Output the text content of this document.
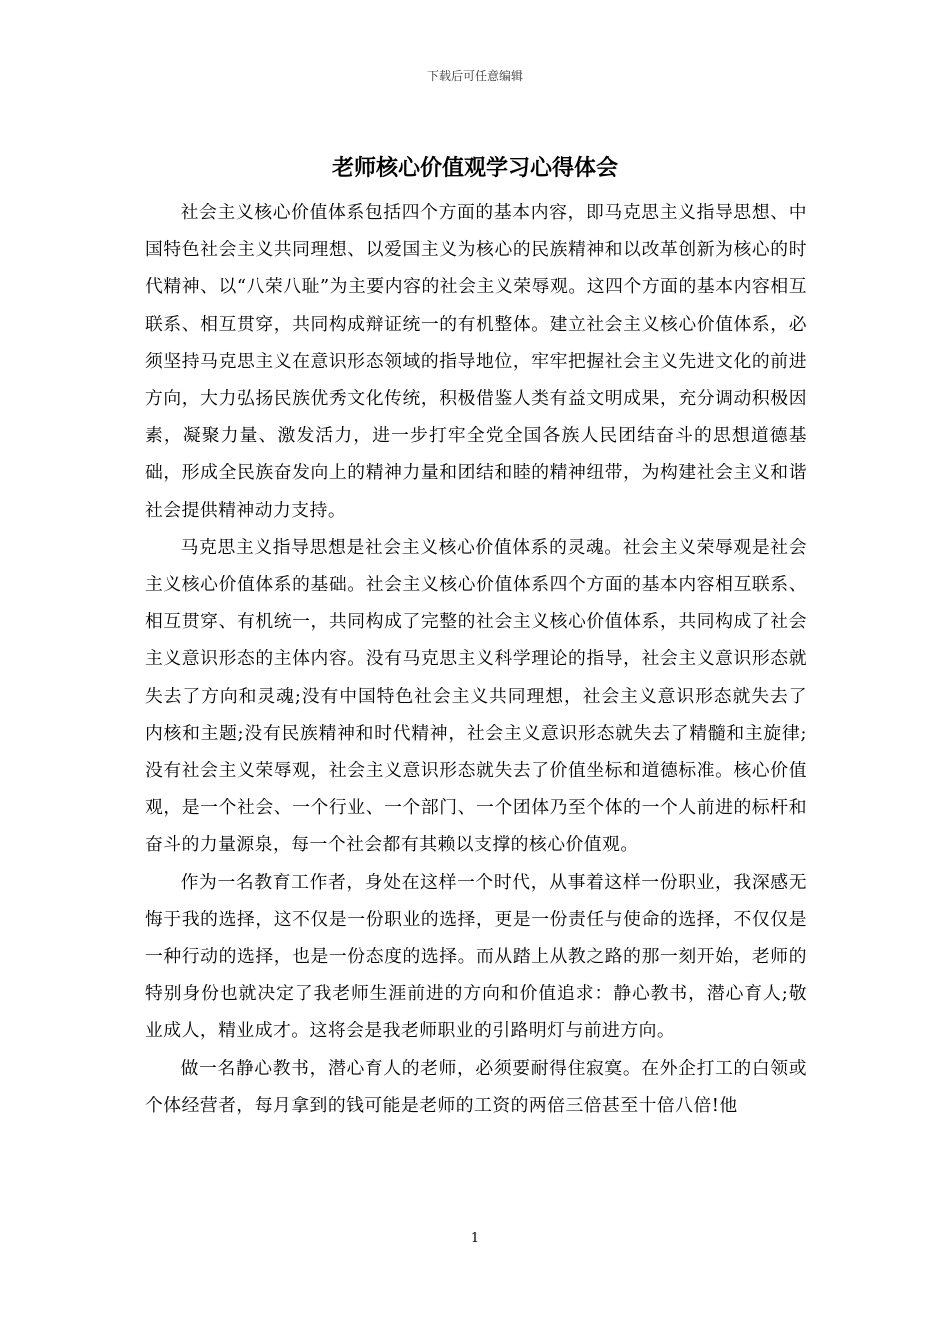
下载后可任意编辑
老师核心价值观学习心得体会

社会主义核心价值体系包括四个方面的基本内容，即马克思主义指导思想、中国特色社会主义共同理想、以爱国主义为核心的民族精神和以改革创新为核心的时代精神、以“八荣八耻”为主要内容的社会主义荣辱观。这四个方面的基本内容相互联系、相互贯穿，共同构成辩证统一的有机整体。建立社会主义核心价值体系，必须坚持马克思主义在意识形态领域的指导地位，牢牢把握社会主义先进文化的前进方向，大力弘扬民族优秀文化传统，积极借鉴人类有益文明成果，充分调动积极因素，凝聚力量、激发活力，进一步打牢全党全国各族人民团结奋斗的思想道德基础，形成全民族奋发向上的精神力量和团结和睦的精神纽带，为构建社会主义和谐社会提供精神动力支持。

马克思主义指导思想是社会主义核心价值体系的灵魂。社会主义荣辱观是社会主义核心价值体系的基础。社会主义核心价值体系四个方面的基本内容相互联系、相互贯穿、有机统一，共同构成了完整的社会主义核心价值体系，共同构成了社会主义意识形态的主体内容。没有马克思主义科学理论的指导，社会主义意识形态就失去了方向和灵魂;没有中国特色社会主义共同理想，社会主义意识形态就失去了内核和主题;没有民族精神和时代精神，社会主义意识形态就失去了精髓和主旋律;没有社会主义荣辱观，社会主义意识形态就失去了价值坐标和道德标准。核心价值观，是一个社会、一个行业、一个部门、一个团体乃至个体的一个人前进的标杆和奋斗的力量源泉，每一个社会都有其赖以支撑的核心价值观。

作为一名教育工作者，身处在这样一个时代，从事着这样一份职业，我深感无悔于我的选择，这不仅是一份职业的选择，更是一份责任与使命的选择，不仅仅是一种行动的选择，也是一份态度的选择。而从踏上从教之路的那一刻开始，老师的特别身份也就决定了我老师生涯前进的方向和价值追求：静心教书，潜心育人;敬业成人，精业成才。这将会是我老师职业的引路明灯与前进方向。

做一名静心教书，潜心育人的老师，必须要耐得住寂寞。在外企打工的白领或个体经营者，每月拿到的钱可能是老师的工资的两倍三倍甚至十倍八倍!他

1
